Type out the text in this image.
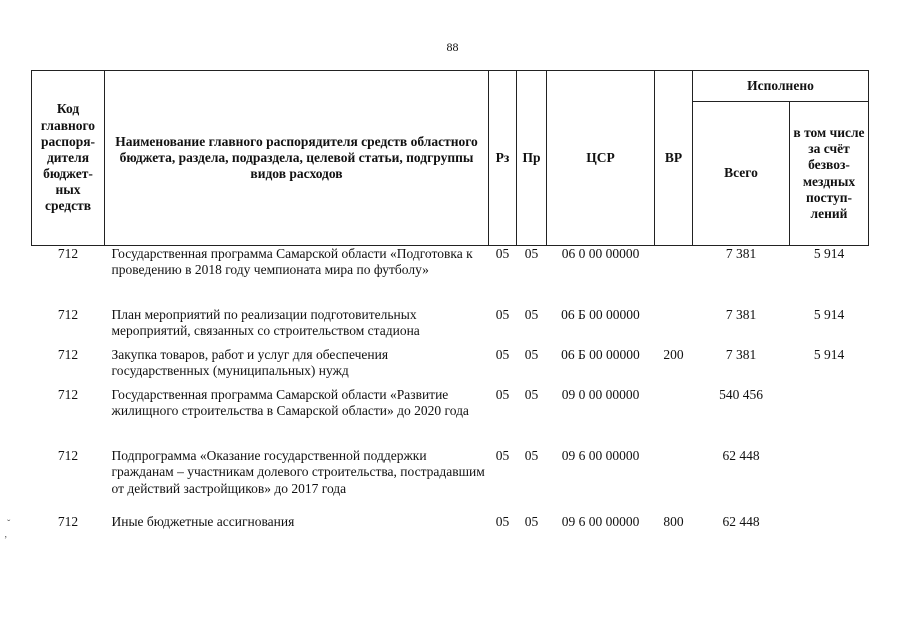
88
Код главного распоря-дителя бюджет-ных средств	Наименование главного распорядителя средств областного бюджета, раздела, подраздела, целевой статьи, подгруппы видов расходов	Рз	Пр	ЦСР	ВР	Исполнено	
						Всего	в том числе за счёт безвоз-мездных поступ-лений
712	Государственная программа Самарской области «Подготовка к проведению в 2018 году чемпионата мира по футболу»	05	05	06 0 00 00000		7 381	5 914
712	План мероприятий по реализации подготовительных мероприятий, связанных со строительством стадиона	05	05	06 Б 00 00000		7 381	5 914
712	Закупка товаров, работ и услуг для обеспечения государственных (муниципальных) нужд	05	05	06 Б 00 00000	200	7 381	5 914
712	Государственная программа Самарской области «Развитие жилищного строительства в Самарской области» до 2020 года	05	05	09 0 00 00000		540 456	
712	Подпрограмма «Оказание государственной поддержки гражданам – участникам долевого строительства, пострадавшим от действий застройщиков» до 2017 года	05	05	09 6 00 00000		62 448	
712	Иные бюджетные ассигнования	05	05	09 6 00 00000	800	62 448	
ˇ
ʼ
